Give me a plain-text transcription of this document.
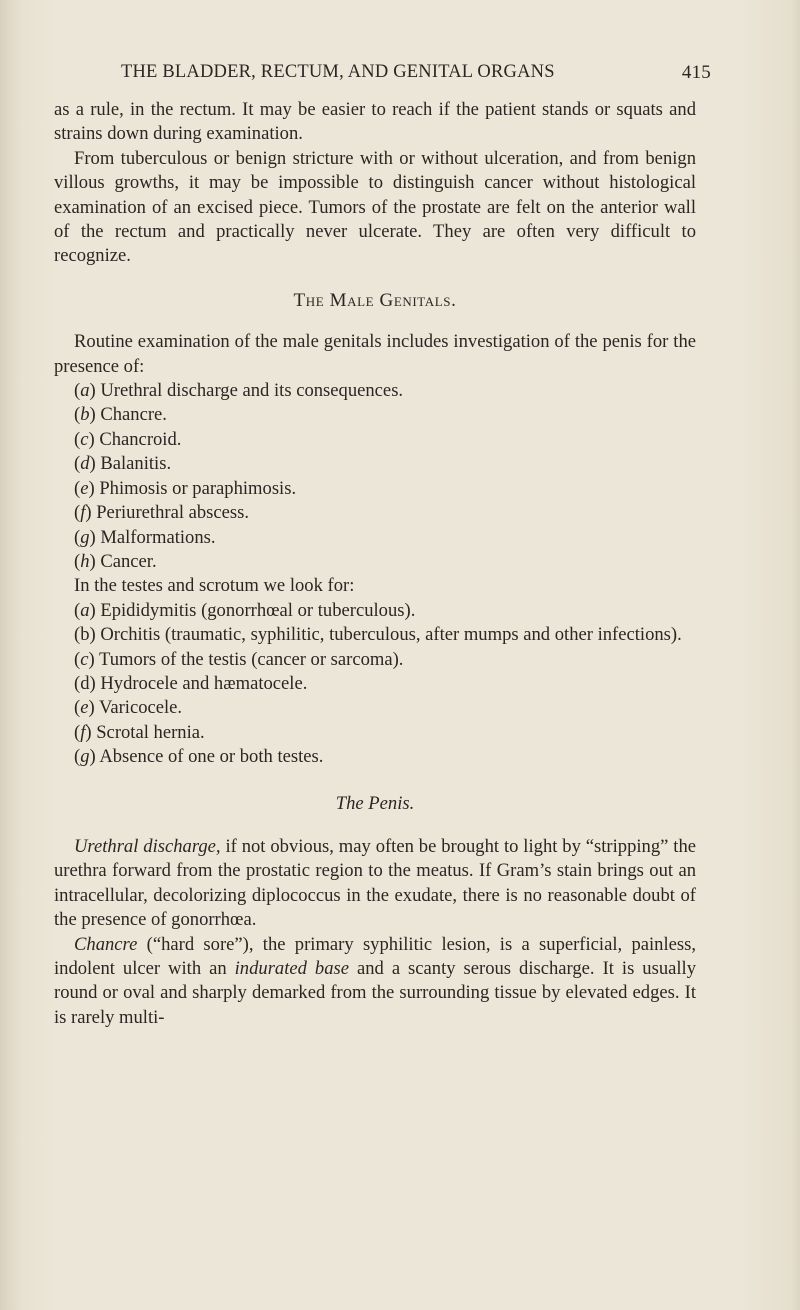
THE BLADDER, RECTUM, AND GENITAL ORGANS	415

as a rule, in the rectum. It may be easier to reach if the patient stands or squats and strains down during examination.

From tuberculous or benign stricture with or without ulceration, and from benign villous growths, it may be impossible to distinguish cancer without histological examination of an excised piece. Tumors of the prostate are felt on the anterior wall of the rectum and practically never ulcerate. They are often very difficult to recognize.

The Male Genitals.

Routine examination of the male genitals includes investigation of the penis for the presence of:

(a) Urethral discharge and its consequences.
(b) Chancre.
(c) Chancroid.
(d) Balanitis.
(e) Phimosis or paraphimosis.
(f) Periurethral abscess.
(g) Malformations.
(h) Cancer.

In the testes and scrotum we look for:

(a) Epididymitis (gonorrhœal or tuberculous).

(b) Orchitis (traumatic, syphilitic, tuberculous, after mumps and other infections).

(c) Tumors of the testis (cancer or sarcoma).
(d) Hydrocele and hæmatocele.
(e) Varicocele.
(f) Scrotal hernia.
(g) Absence of one or both testes.
The Penis.

Urethral discharge, if not obvious, may often be brought to light by “stripping” the urethra forward from the prostatic region to the meatus. If Gram’s stain brings out an intracellular, decolorizing diplococcus in the exudate, there is no reasonable doubt of the presence of gonorrhœa.

Chancre (“hard sore”), the primary syphilitic lesion, is a superficial, painless, indolent ulcer with an indurated base and a scanty serous discharge. It is usually round or oval and sharply demarked from the surrounding tissue by elevated edges. It is rarely multi-
